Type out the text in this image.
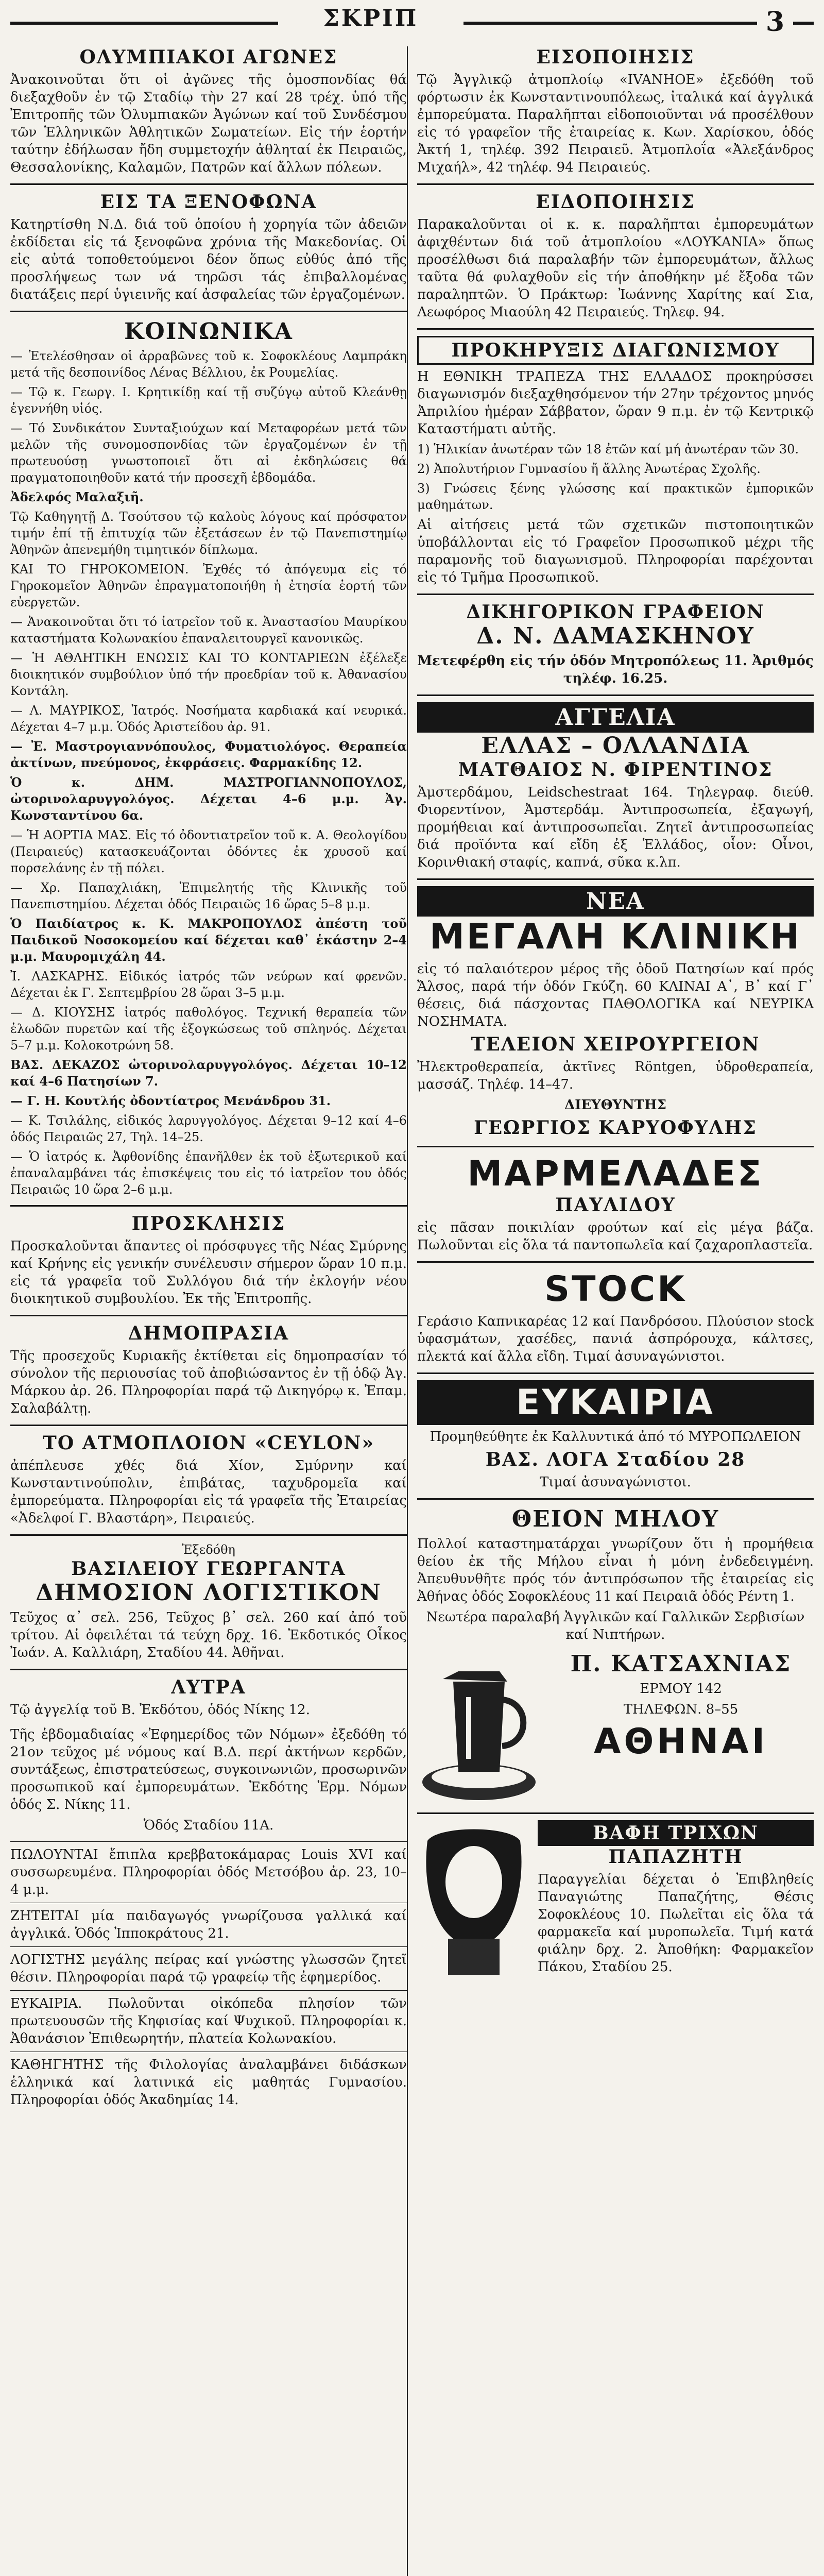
ΣΚΡΙΠ	3
ΟΛΥΜΠΙΑΚΟΙ ΑΓΩΝΕΣ
Ἀνακοινοῦται ὅτι οἱ ἀγῶνες τῆς ὁμοσπονδίας θά διεξαχθοῦν ἐν τῷ Σταδίῳ τὴν 27 καί 28 τρέχ. ὑπό τῆς Ἐπιτροπῆς τῶν Ὀλυμπιακῶν Ἀγώνων καί τοῦ Συνδέσμου τῶν Ἑλληνικῶν Ἀθλητικῶν Σωματείων. Εἰς τήν ἑορτήν ταύτην ἐδήλωσαν ἤδη συμμετοχήν ἀθληταί ἐκ Πειραιῶς, Θεσσαλονίκης, Καλαμῶν, Πατρῶν καί ἄλλων πόλεων.
ΕΙΣ ΤΑ ΞΕΝΟΦΩΝΑ
Κατηρτίσθη Ν.Δ. διά τοῦ ὁποίου ἡ χορηγία τῶν ἀδειῶν ἐκδίδεται εἰς τά ξενοφῶνα χρόνια τῆς Μακεδονίας. Οἱ εἰς αὐτά τοποθετούμενοι δέον ὅπως εὐθύς ἀπό τῆς προσλήψεως των νά τηρῶσι τάς ἐπιβαλλομένας διατάξεις περί ὑγιεινῆς καί ἀσφαλείας τῶν ἐργαζομένων.
ΚΟΙΝΩΝΙΚΑ
— Ἐτελέσθησαν οἱ ἀρραβῶνες τοῦ κ. Σοφοκλέους Λαμπράκη μετά τῆς δεσποινίδος Λένας Βέλλιου, ἐκ Ρουμελίας.
— Τῷ κ. Γεωργ. Ι. Κρητικίδῃ καί τῇ συζύγῳ αὐτοῦ Κλεάνθῃ ἐγεννήθη υἱός.
— Τό Συνδικάτον Συνταξιούχων καί Μεταφορέων μετά τῶν μελῶν τῆς συνομοσπονδίας τῶν ἐργαζομένων ἐν τῇ πρωτευούσῃ γνωστοποιεῖ ὅτι αἱ ἐκδηλώσεις θά πραγματοποιηθοῦν κατά τήν προσεχῆ ἑβδομάδα.
Ἀδελφός Μαλαξιῆ.
Τῷ Καθηγητῇ Δ. Τσούτσου τῷ καλοὺς λόγους καί πρόσφατον τιμήν ἐπί τῇ ἐπιτυχίᾳ τῶν ἐξετάσεων ἐν τῷ Πανεπιστημίῳ Ἀθηνῶν ἀπενεμήθη τιμητικόν δίπλωμα.
ΚΑΙ ΤΟ ΓΗΡΟΚΟΜΕΙΟΝ. Ἐχθές τό ἀπόγευμα εἰς τό Γηροκομεῖον Ἀθηνῶν ἐπραγματοποιήθη ἡ ἐτησία ἑορτή τῶν εὐεργετῶν.
— Ἀνακοινοῦται ὅτι τό ἰατρεῖον τοῦ κ. Ἀναστασίου Μαυρίκου καταστήματα Κολωνακίου ἐπαναλειτουργεῖ κανονικῶς.
— Ἡ ΑΘΛΗΤΙΚΗ ΕΝΩΣΙΣ ΚΑΙ ΤΟ ΚΟΝΤΑΡΙΕΩΝ ἐξέλεξε διοικητικόν συμβούλιον ὑπό τήν προεδρίαν τοῦ κ. Ἀθανασίου Κοντάλη.
— Λ. ΜΑΥΡΙΚΟΣ, Ἰατρός. Νοσήματα καρδιακά καί νευρικά. Δέχεται 4–7 μ.μ. Ὁδός Ἀριστείδου ἀρ. 91.
— Ἐ. Μαστρογιαννόπουλος, Φυματιολόγος. Θεραπεία ἀκτίνων, πνεύμονος, ἐκφράσεις. Φαρμακίδης 12.
Ὁ κ. ΔΗΜ. ΜΑΣΤΡΟΓΙΑΝΝΟΠΟΥΛΟΣ, ὠτορινολαρυγγολόγος. Δέχεται 4–6 μ.μ. Ἀγ. Κωνσταντίνου 6α.
— Ἡ ΑΟΡΤΙΑ ΜΑΣ. Εἰς τό ὀδοντιατρεῖον τοῦ κ. Α. Θεολογίδου (Πειραιεύς) κατασκευάζονται ὀδόντες ἐκ χρυσοῦ καί πορσελάνης ἐν τῇ πόλει.
— Χρ. Παπαχλιάκη, Ἐπιμελητής τῆς Κλινικῆς τοῦ Πανεπιστημίου. Δέχεται ὁδός Πειραιῶς 16 ὥρας 5–8 μ.μ.
Ὁ Παιδίατρος κ. Κ. ΜΑΚΡΟΠΟΥΛΟΣ ἀπέστη τοῦ Παιδικοῦ Νοσοκομείου καί δέχεται καθ᾽ ἑκάστην 2–4 μ.μ. Μαυρομιχάλη 44.
Ἰ. ΛΑΣΚΑΡΗΣ. Εἰδικός ἰατρός τῶν νεύρων καί φρενῶν. Δέχεται ἐκ Γ. Σεπτεμβρίου 28 ὥραι 3–5 μ.μ.
— Δ. ΚΙΟΥΣΗΣ ἰατρός παθολόγος. Τεχνική θεραπεία τῶν ἑλωδῶν πυρετῶν καί τῆς ἐξογκώσεως τοῦ σπληνός. Δέχεται 5–7 μ.μ. Κολοκοτρώνη 58.
ΒΑΣ. ΔΕΚΑΖΟΣ ὠτορινολαρυγγολόγος. Δέχεται 10–12 καί 4–6 Πατησίων 7.
— Γ. Η. Κουτλής ὀδοντίατρος Μενάνδρου 31.
— Κ. Τσιλάλης, εἰδικός λαρυγγολόγος. Δέχεται 9–12 καί 4–6 ὁδός Πειραιῶς 27, Τηλ. 14–25.
— Ὁ ἰατρός κ. Ἀφθονίδης ἐπανῆλθεν ἐκ τοῦ ἐξωτερικοῦ καί ἐπαναλαμβάνει τάς ἐπισκέψεις του εἰς τό ἰατρεῖον του ὁδός Πειραιῶς 10 ὥρα 2–6 μ.μ.
ΠΡΟΣΚΛΗΣΙΣ
Προσκαλοῦνται ἅπαντες οἱ πρόσφυγες τῆς Νέας Σμύρνης καί Κρήνης εἰς γενικήν συνέλευσιν σήμερον ὥραν 10 π.μ. εἰς τά γραφεῖα τοῦ Συλλόγου διά τήν ἐκλογήν νέου διοικητικοῦ συμβουλίου. Ἐκ τῆς Ἐπιτροπῆς.
ΔΗΜΟΠΡΑΣΙΑ
Τῆς προσεχοῦς Κυριακῆς ἐκτίθεται εἰς δημοπρασίαν τό σύνολον τῆς περιουσίας τοῦ ἀποβιώσαντος ἐν τῇ ὁδῷ Ἀγ. Μάρκου ἀρ. 26. Πληροφορίαι παρά τῷ Δικηγόρῳ κ. Ἐπαμ. Σαλαβάλτῃ.
ΤΟ ΑΤΜΟΠΛΟΙΟΝ «CEYLON»
ἀπέπλευσε χθές διά Χίον, Σμύρνην καί Κωνσταντινούπολιν, ἐπιβάτας, ταχυδρομεῖα καί ἐμπορεύματα. Πληροφορίαι εἰς τά γραφεῖα τῆς Ἐταιρείας «Ἀδελφοί Γ. Βλαστάρη», Πειραιεύς.
Ἐξεδόθη
ΒΑΣΙΛΕΙΟΥ ΓΕΩΡΓΑΝΤΑ
ΔΗΜΟΣΙΟΝ ΛΟΓΙΣΤΙΚΟΝ
Τεῦχος α᾽ σελ. 256, Τεῦχος β᾽ σελ. 260 καί ἀπό τοῦ τρίτου. Αἱ ὀφειλέται τά τεύχη δρχ. 16. Ἐκδοτικός Οἶκος Ἰωάν. Α. Καλλιάρη, Σταδίου 44. Ἀθῆναι.
ΛΥΤΡΑ
Τῷ ἀγγελίᾳ τοῦ Β. Ἐκδότου, ὁδός Νίκης 12.
Τῆς ἑβδομαδιαίας «Ἐφημερίδος τῶν Νόμων» ἐξεδόθη τό 21ον τεῦχος μέ νόμους καί Β.Δ. περί ἀκτήνων κερδῶν, συντάξεως, ἐπιστρατεύσεως, συγκοινωνιῶν, προσωρινῶν προσωπικοῦ καί ἐμπορευμάτων. Ἐκδότης Ἐρμ. Νόμων ὁδός Σ. Νίκης 11.
Ὁδός Σταδίου 11Α.
ΠΩΛΟΥΝΤΑΙ ἔπιπλα κρεββατοκάμαρας Louis XVI καί συσσωρευμένα. Πληροφορίαι ὁδός Μετσόβου ἀρ. 23, 10–4 μ.μ.
ΖΗΤΕΙΤΑΙ μία παιδαγωγός γνωρίζουσα γαλλικά καί ἀγγλικά. Ὁδός Ἰπποκράτους 21.
ΛΟΓΙΣΤΗΣ μεγάλης πείρας καί γνώστης γλωσσῶν ζητεῖ θέσιν. Πληροφορίαι παρά τῷ γραφείῳ τῆς ἐφημερίδος.
ΕΥΚΑΙΡΙΑ. Πωλοῦνται οἰκόπεδα πλησίον τῶν πρωτευουσῶν τῆς Κηφισίας καί Ψυχικοῦ. Πληροφορίαι κ. Ἀθανάσιον Ἐπιθεωρητήν, πλατεία Κολωνακίου.
ΚΑΘΗΓΗΤΗΣ τῆς Φιλολογίας ἀναλαμβάνει διδάσκων ἑλληνικά καί λατινικά εἰς μαθητάς Γυμνασίου. Πληροφορίαι ὁδός Ἀκαδημίας 14.
ΕΙΣΟΠΟΙΗΣΙΣ
Τῷ Ἀγγλικῷ ἀτμοπλοίῳ «IVANHOE» ἐξεδόθη τοῦ φόρτωσιν ἐκ Κωνσταντινουπόλεως, ἰταλικά καί ἀγγλικά ἐμπορεύματα. Παραλῆπται εἰδοποιοῦνται νά προσέλθουν εἰς τό γραφεῖον τῆς ἐταιρείας κ. Κων. Χαρίσκου, ὁδός Ἀκτή 1, τηλέφ. 392 Πειραιεῦ. Ἀτμοπλοΐα «Ἀλεξάνδρος Μιχαήλ», 42 τηλέφ. 94 Πειραιεύς.
ΕΙΔΟΠΟΙΗΣΙΣ
Παρακαλοῦνται οἱ κ. κ. παραλῆπται ἐμπορευμάτων ἀφιχθέντων διά τοῦ ἀτμοπλοίου «ΛΟΥΚΑΝΙΑ» ὅπως προσέλθωσι διά παραλαβήν τῶν ἐμπορευμάτων, ἄλλως ταῦτα θά φυλαχθοῦν εἰς τήν ἀποθήκην μέ ἔξοδα τῶν παραληπτῶν. Ὁ Πράκτωρ: Ἰωάννης Χαρίτης καί Σια, Λεωφόρος Μιαούλη 42 Πειραιεύς. Τηλεφ. 94.
ΠΡΟΚΗΡΥΞΙΣ ΔΙΑΓΩΝΙΣΜΟΥ
Η ΕΘΝΙΚΗ ΤΡΑΠΕΖΑ ΤΗΣ ΕΛΛΑΔΟΣ προκηρύσσει διαγωνισμόν διεξαχθησόμενον τήν 27ην τρέχοντος μηνός Ἀπριλίου ἡμέραν Σάββατον, ὥραν 9 π.μ. ἐν τῷ Κεντρικῷ Καταστήματι αὐτῆς.
1) Ἡλικίαν ἀνωτέραν τῶν 18 ἐτῶν καί μή ἀνωτέραν τῶν 30.
2) Ἀπολυτήριον Γυμνασίου ἤ ἄλλης Ἀνωτέρας Σχολῆς.
3) Γνώσεις ξένης γλώσσης καί πρακτικῶν ἐμπορικῶν μαθημάτων.
Αἱ αἰτήσεις μετά τῶν σχετικῶν πιστοποιητικῶν ὑποβάλλονται εἰς τό Γραφεῖον Προσωπικοῦ μέχρι τῆς παραμονῆς τοῦ διαγωνισμοῦ. Πληροφορίαι παρέχονται εἰς τό Τμῆμα Προσωπικοῦ.
ΔΙΚΗΓΟΡΙΚΟΝ ΓΡΑΦΕΙΟΝ
Δ. Ν. ΔΑΜΑΣΚΗΝΟΥ
Μετεφέρθη εἰς τήν ὁδόν Μητροπόλεως 11. Ἀριθμός τηλέφ. 16.25.
ΑΓΓΕΛΙΑ
ΕΛΛΑΣ – ΟΛΛΑΝΔΙΑ
ΜΑΤΘΑΙΟΣ Ν. ΦΙΡΕΝΤΙΝΟΣ
Ἀμστερδάμου, Leidschestraat 164. Τηλεγραφ. διεύθ. Φιορεντίνον, Ἀμστερδάμ. Ἀντιπροσωπεία, ἐξαγωγή, προμήθειαι καί ἀντιπροσωπεῖαι. Ζητεῖ ἀντιπροσωπείας διά προϊόντα καί εἴδη ἐξ Ἑλλάδος, οἷον: Οἶνοι, Κορινθιακή σταφίς, καπνά, σῦκα κ.λπ.
ΝΕΑ
ΜΕΓΑΛΗ ΚΛΙΝΙΚΗ
εἰς τό παλαιότερον μέρος τῆς ὁδοῦ Πατησίων καί πρός Ἄλσος, παρά τήν ὁδόν Γκύζη. 60 ΚΛΙΝΑΙ Α᾽, Β᾽ καί Γ᾽ θέσεις, διά πάσχοντας ΠΑΘΟΛΟΓΙΚΑ καί ΝΕΥΡΙΚΑ ΝΟΣΗΜΑΤΑ.
ΤΕΛΕΙΟΝ ΧΕΙΡΟΥΡΓΕΙΟΝ
Ἠλεκτροθεραπεία, ἀκτῖνες Röntgen, ὑδροθεραπεία, μασσάζ. Τηλέφ. 14–47.
ΔΙΕΥΘΥΝΤΗΣ
ΓΕΩΡΓΙΟΣ ΚΑΡΥΟΦΥΛΗΣ
ΜΑΡΜΕΛΑΔΕΣ
ΠΑΥΛΙΔΟΥ
εἰς πᾶσαν ποικιλίαν φρούτων καί εἰς μέγα βάζα. Πωλοῦνται εἰς ὅλα τά παντοπωλεῖα καί ζαχαροπλαστεῖα.
STOCK
Γεράσιο Καπνικαρέας 12 καί Πανδρόσου. Πλούσιον stock ὑφασμάτων, χασέδες, πανιά ἀσπρόρουχα, κάλτσες, πλεκτά καί ἄλλα εἴδη. Τιμαί ἀσυναγώνιστοι.
ΕΥΚΑΙΡΙΑ
Προμηθεύθητε ἐκ Καλλυντικά ἀπό τό ΜΥΡΟΠΩΛΕΙΟΝ
ΒΑΣ. ΛΟΓΑ Σταδίου 28
Τιμαί ἀσυναγώνιστοι.
ΘΕΙΟΝ ΜΗΛΟΥ
Πολλοί καταστηματάρχαι γνωρίζουν ὅτι ἡ προμήθεια θείου ἐκ τῆς Μήλου εἶναι ἡ μόνη ἐνδεδειγμένη. Ἀπευθυνθῆτε πρός τόν ἀντιπρόσωπον τῆς ἐταιρείας εἰς Ἀθήνας ὁδός Σοφοκλέους 11 καί Πειραιᾶ ὁδός Ρέντη 1.
Νεωτέρα παραλαβή Ἀγγλικῶν καί Γαλλικῶν Σερβισίων καί Νιπτήρων.
Π. ΚΑΤΣΑΧΝΙΑΣ
ΕΡΜΟΥ 142
ΤΗΛΕΦΩΝ. 8–55
ΑΘΗΝΑΙ
ΒΑΦΗ ΤΡΙΧΩΝ
ΠΑΠΑΖΗΤΗ
Παραγγελίαι δέχεται ὁ Ἐπιβληθείς Παναγιώτης Παπαζήτης, Θέσις Σοφοκλέους 10. Πωλεῖται εἰς ὅλα τά φαρμακεῖα καί μυροπωλεῖα. Τιμή κατά φιάλην δρχ. 2. Ἀποθήκη: Φαρμακεῖον Πάκου, Σταδίου 25.
